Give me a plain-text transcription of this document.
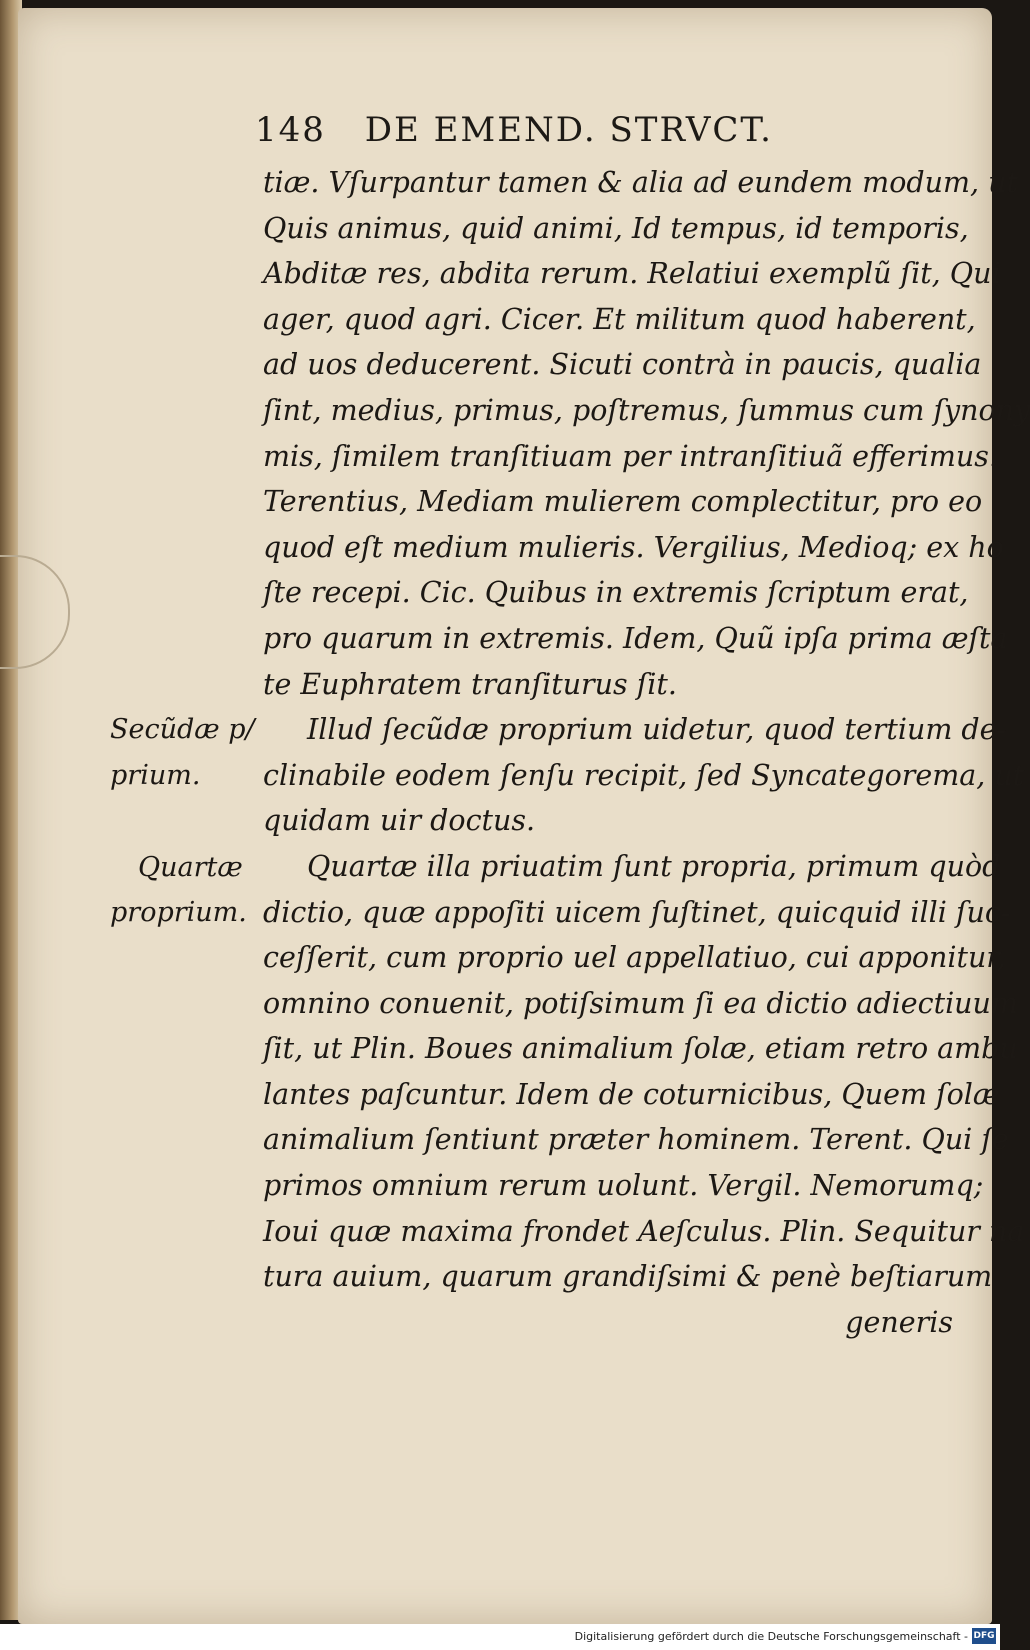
148 DE EMEND. STRVCT.
tiæ. Vſurpantur tamen & alia ad eundem modum, ut
Quis animus, quid animi, Id tempus, id temporis,
Abditæ res, abdita rerum. Relatiui exemplũ ſit, Qui
ager, quod agri. Cicer. Et militum quod haberent,
ad uos deducerent. Sicuti contrà in paucis, qualia
ſint, medius, primus, poſtremus, ſummus cum ſynony
mis, ſimilem tranſitiuam per intranſitiuã efferimus.
Terentius, Mediam mulierem complectitur, pro eo
quod eſt medium mulieris. Vergilius, Medioq; ex ho
ſte recepi. Cic. Quibus in extremis ſcriptum erat,
pro quarum in extremis. Idem, Quũ ipſa prima æſta
te Euphratem tranſiturus ſit.
Illud ſecũdæ proprium uidetur, quod tertium de-
clinabile eodem ſenſu recipit, ſed Syncategorema, ut
quidam uir doctus.
Quartæ illa priuatim ſunt propria, primum quòd
dictio, quæ appoſiti uicem ſuſtinet, quicquid illi ſuc-
ceſſerit, cum proprio uel appellatiuo, cui apponitur,
omnino conuenit, potiſsimum ſi ea dictio adiectiuum
ſit, ut Plin. Boues animalium ſolæ, etiam retro ambu
lantes paſcuntur. Idem de coturnicibus, Quem ſolæ
animalium ſentiunt præter hominem. Terent. Qui ſe
primos omnium rerum uolunt. Vergil. Nemorumq;
Ioui quæ maxima frondet Aeſculus. Plin. Sequitur na
tura auium, quarum grandiſsimi & penè beſtiarum
generis
Secũdæ p/
prium.
Quartæ
proprium.
Digitalisierung gefördert durch die Deutsche Forschungsgemeinschaft - DFG
